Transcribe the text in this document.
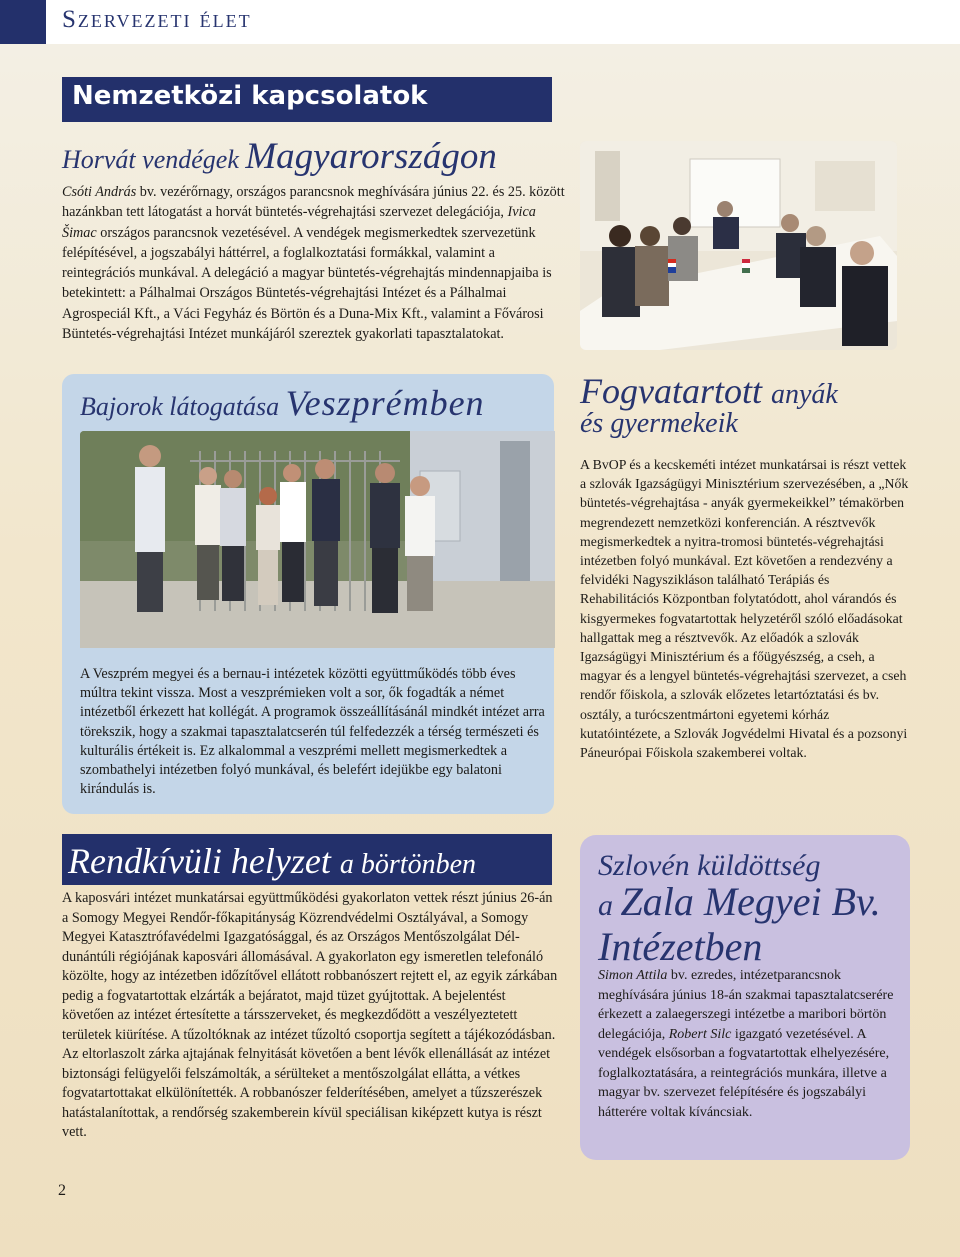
Szervezeti élet
Nemzetközi kapcsolatok
Horvát vendégek Magyarországon

Csóti András bv. vezérőrnagy, országos parancsnok meghívására június 22. és 25. között hazánkban tett látogatást a horvát büntetés-végrehajtási szervezet delegációja, Ivica Šimac országos parancsnok vezetésével. A vendégek megismerkedtek szervezetünk felépítésével, a jogszabályi háttérrel, a foglalkoztatási formákkal, valamint a reintegrációs munkával. A delegáció a magyar büntetés-végrehajtás mindennapjaiba is betekintett: a Pálhalmai Országos Büntetés-végrehajtási Intézet és a Pálhalmai Agrospeciál Kft., a Váci Fegyház és Börtön és a Duna-Mix Kft., valamint a Fővárosi Büntetés-végrehajtási Intézet munkájáról szereztek gyakorlati tapasztalatokat.

Bajorok látogatása Veszprémben

A Veszprém megyei és a bernau-i intézetek közötti együttműködés több éves múltra tekint vissza. Most a veszprémieken volt a sor, ők fogadták a német intézetből érkezett hat kollégát. A programok összeállításánál mindkét intézet arra törekszik, hogy a szakmai tapasztalatcserén túl felfedezzék a térség természeti és kulturális értékeit is. Ez alkalommal a veszprémi mellett megismerkedtek a szombathelyi intézetben folyó munkával, és belefért idejükbe egy balatoni kirándulás is.

Fogvatartott anyák
és gyermekeik

A BvOP és a kecskeméti intézet munkatársai is részt vettek a szlovák Igazságügyi Minisztérium szervezésében, a „Nők büntetés-végrehajtása - anyák gyermekeikkel” témakörben megrendezett nemzetközi konferencián. A résztvevők megismerkedtek a nyitra-tromosi büntetés-végrehajtási intézetben folyó munkával. Ezt követően a rendezvény a felvidéki Nagyszikláson található Terápiás és Rehabilitációs Központban folytatódott, ahol várandós és kisgyermekes fogvatartottak helyzetéről szóló előadásokat hallgattak meg a résztvevők. Az előadók a szlovák Igazságügyi Minisztérium és a főügyészség, a cseh, a magyar és a lengyel büntetés-végrehajtási szervezet, a cseh rendőr főiskola, a szlovák előzetes letartóztatási és bv. osztály, a turócszentmártoni egyetemi kórház kutatóintézete, a Szlovák Jogvédelmi Hivatal és a pozsonyi Páneurópai Főiskola szakemberei voltak.

Rendkívüli helyzet a börtönben

A kaposvári intézet munkatársai együttműködési gyakorlaton vettek részt június 26-án a Somogy Megyei Rendőr-főkapitányság Közrendvédelmi Osztályával, a Somogy Megyei Katasztrófavédelmi Igazgatósággal, és az Országos Mentőszolgálat Dél-dunántúli régiójának kaposvári állomásával. A gyakorlaton egy ismeretlen telefonáló közölte, hogy az intézetben időzítővel ellátott robbanószert rejtett el, az egyik zárkában pedig a fogvatartottak elzárták a bejáratot, majd tüzet gyújtottak. A bejelentést követően az intézet értesítette a társszerveket, és megkezdődött a veszélyeztetett területek kiürítése. A tűzoltóknak az intézet tűzoltó csoportja segített a tájékozódásban. Az eltorlaszolt zárka ajtajának felnyitását követően a bent lévők ellenállását az intézet biztonsági felügyelői felszámolták, a sérülteket a mentőszolgálat ellátta, a vétkes fogvatartottakat elkülönítették. A robbanószer felderítésében, amelyet a tűzszerészek hatástalanítottak, a rendőrség szakemberein kívül speciálisan kiképzett kutya is részt vett.

Szlovén küldöttség
a Zala Megyei Bv.
Intézetben

Simon Attila bv. ezredes, intézetparancsnok meghívására június 18-án szakmai tapasztalatcserére érkezett a zalaegerszegi intézetbe a maribori börtön delegációja, Robert Silc igazgató vezetésével. A vendégek elsősorban a fogvatartottak elhelyezésére, foglalkoztatására, a reintegrációs munkára, illetve a magyar bv. szervezet felépítésére és jogszabályi hátterére voltak kíváncsiak.

2
